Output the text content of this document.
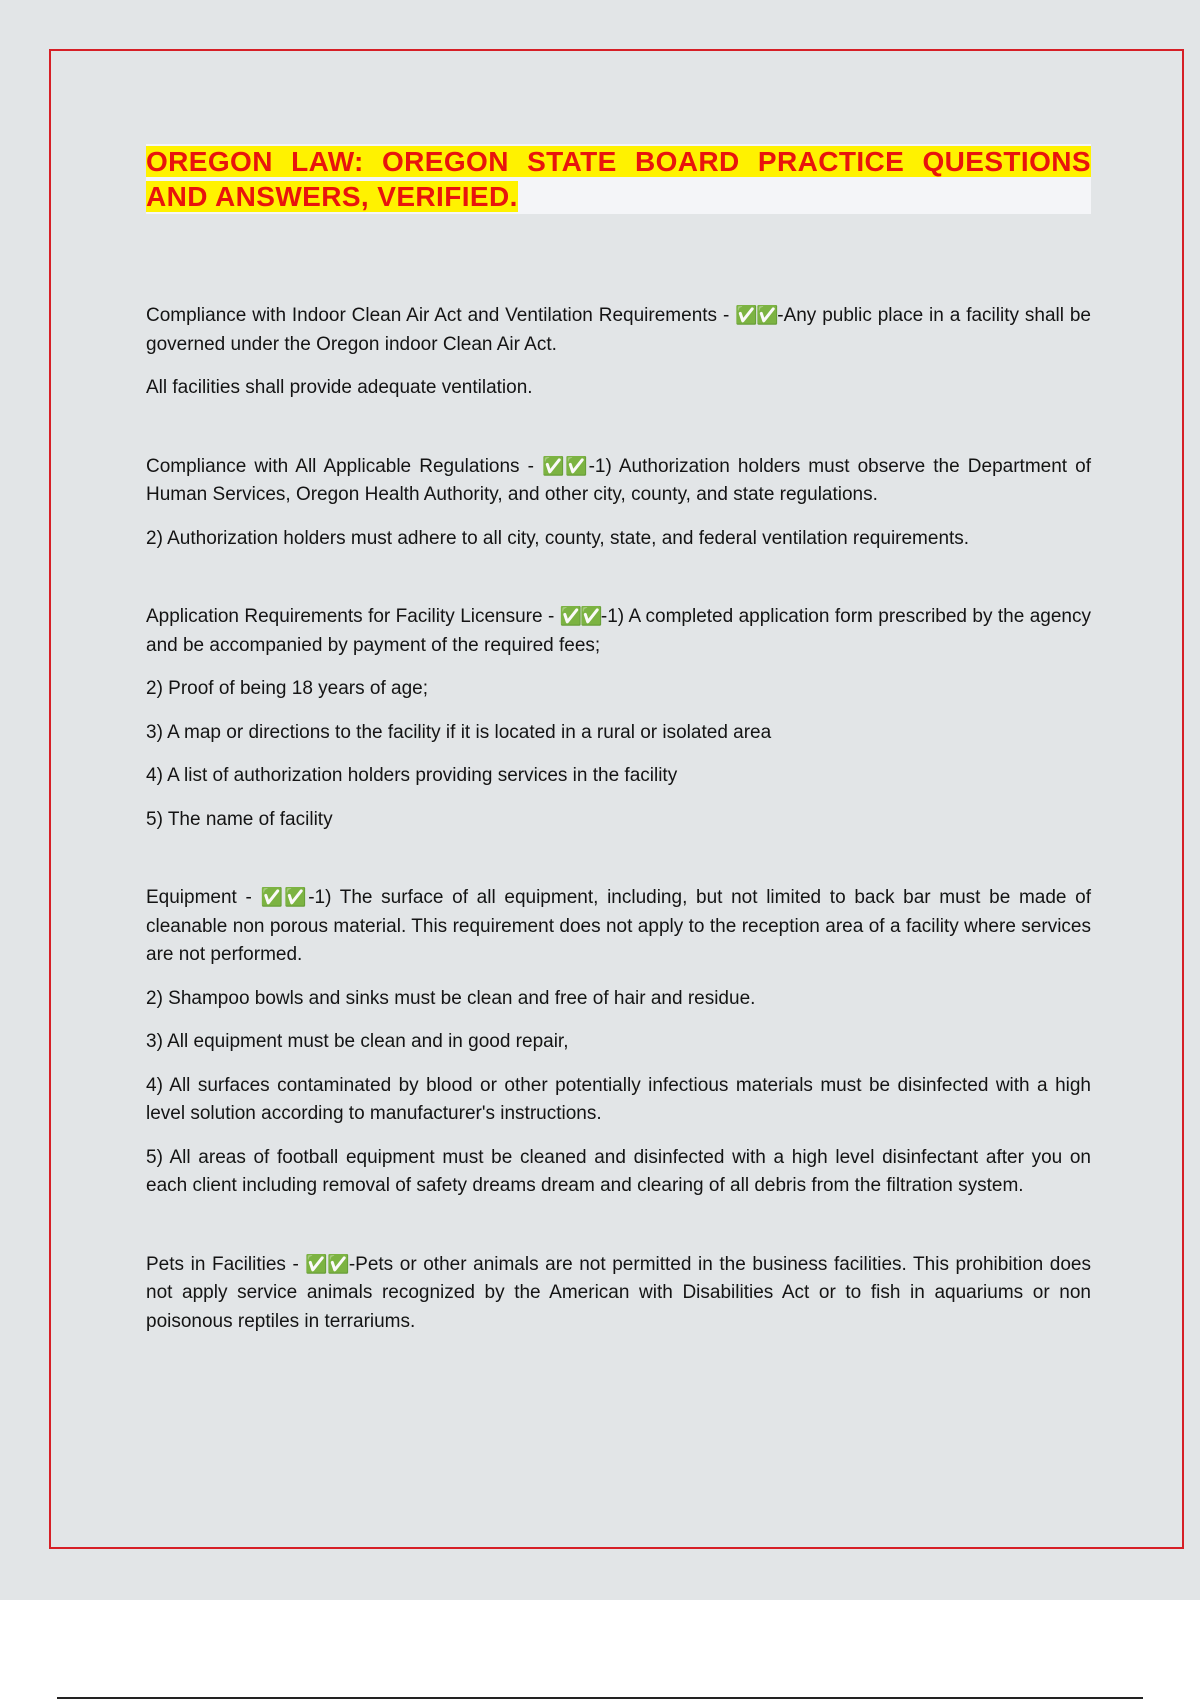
OREGON LAW: OREGON STATE BOARD PRACTICE QUESTIONS AND ANSWERS, VERIFIED.

Compliance with Indoor Clean Air Act and Ventilation Requirements - ✅✅-Any public place in a facility shall be governed under the Oregon indoor Clean Air Act.

All facilities shall provide adequate ventilation.

Compliance with All Applicable Regulations - ✅✅-1) Authorization holders must observe the Department of Human Services, Oregon Health Authority, and other city, county, and state regulations.

2) Authorization holders must adhere to all city, county, state, and federal ventilation requirements.

Application Requirements for Facility Licensure - ✅✅-1) A completed application form prescribed by the agency and be accompanied by payment of the required fees;

2) Proof of being 18 years of age;

3) A map or directions to the facility if it is located in a rural or isolated area

4) A list of authorization holders providing services in the facility

5) The name of facility

Equipment - ✅✅-1) The surface of all equipment, including, but not limited to back bar must be made of cleanable non porous material. This requirement does not apply to the reception area of a facility where services are not performed.

2) Shampoo bowls and sinks must be clean and free of hair and residue.

3) All equipment must be clean and in good repair,

4) All surfaces contaminated by blood or other potentially infectious materials must be disinfected with a high level solution according to manufacturer's instructions.

5) All areas of football equipment must be cleaned and disinfected with a high level disinfectant after you on each client including removal of safety dreams dream and clearing of all debris from the filtration system.

Pets in Facilities - ✅✅-Pets or other animals are not permitted in the business facilities. This prohibition does not apply service animals recognized by the American with Disabilities Act or to fish in aquariums or non poisonous reptiles in terrariums.
